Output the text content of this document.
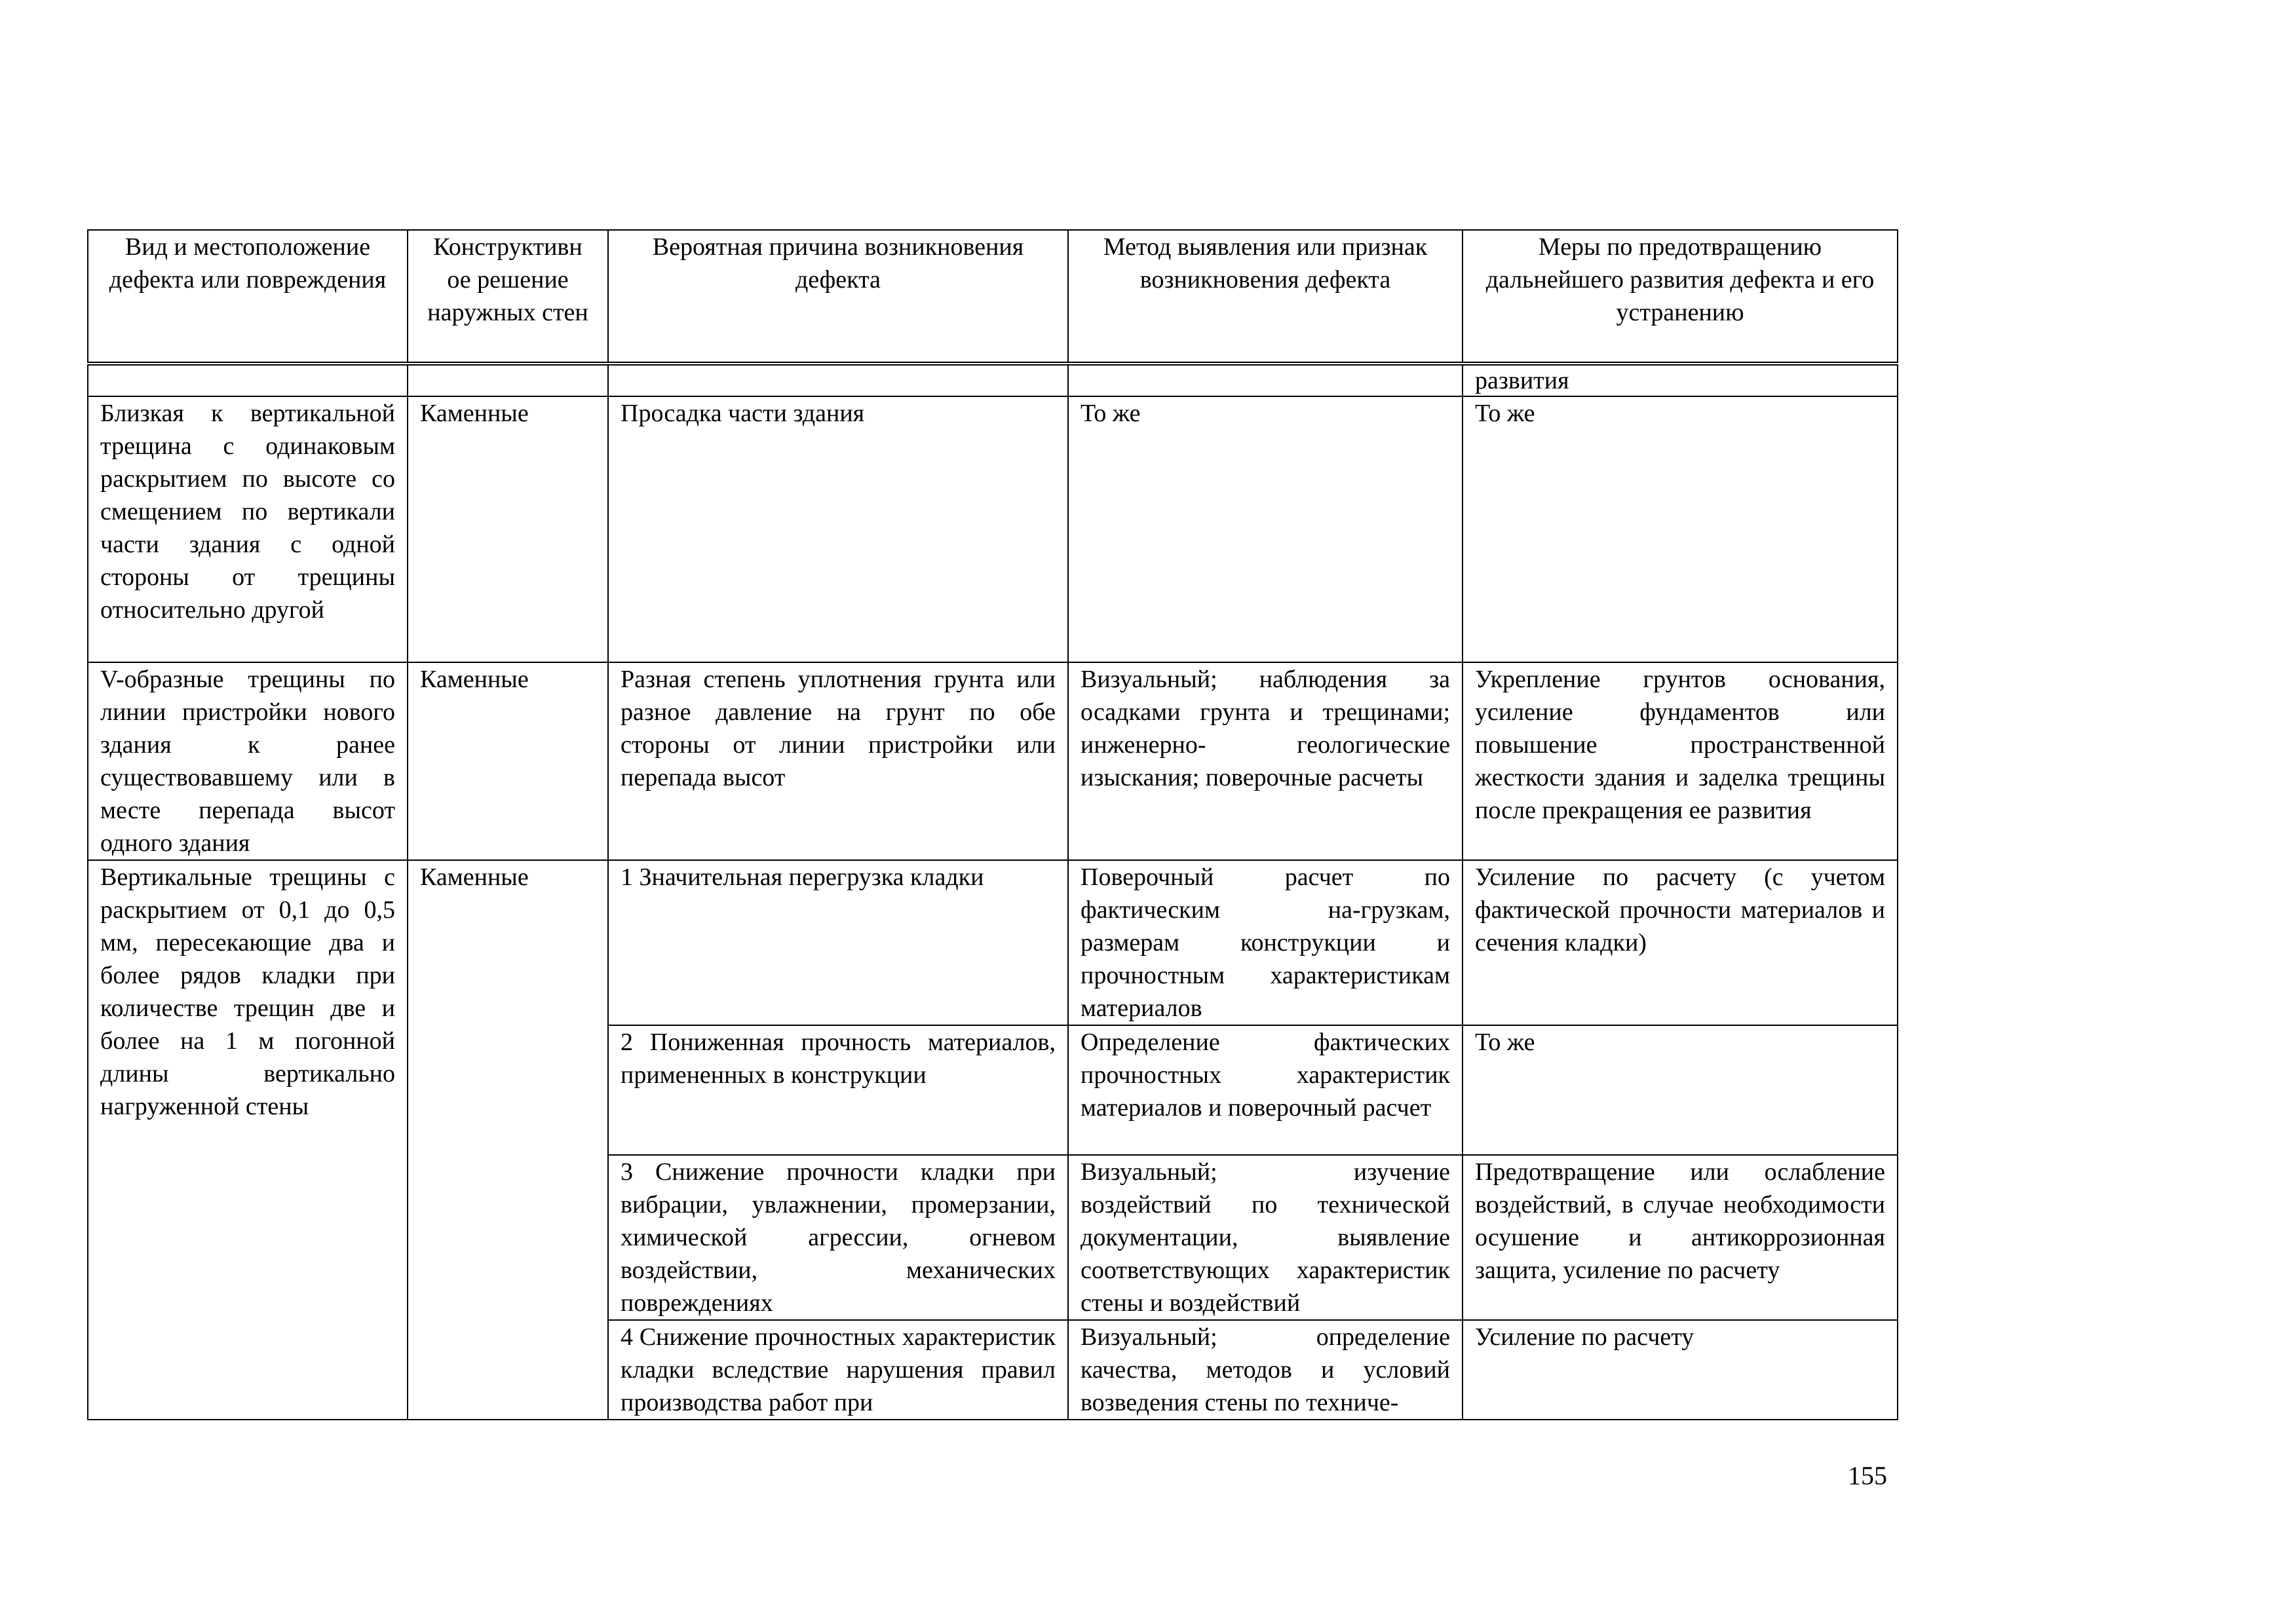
Вид и местоположение дефекта или повреждения	Конструктивн ое решение наружных стен	Вероятная причина возникновения дефекта	Метод выявления или признак возникновения дефекта	Меры по предотвращению дальнейшего развития дефекта и его устранению
				развития
Близкая к вертикальной трещина с одинаковым раскрытием по высоте со смещением по вертикали части здания с одной стороны от трещины относительно другой	Каменные	Просадка части здания	То же	То же
V-образные трещины по линии пристройки нового здания к ранее существовавшему или в месте перепада высот одного здания	Каменные	Разная степень уплотнения грунта или разное давление на грунт по обе стороны от линии пристройки или перепада высот	Визуальный; наблюдения за осадками грунта и трещинами; инженерно- геологические изыскания; поверочные расчеты	Укрепление грунтов основания, усиление фундаментов или повышение пространственной жесткости здания и заделка трещины после прекращения ее развития
Вертикальные трещины с раскрытием от 0,1 до 0,5 мм, пересекающие два и более рядов кладки при количестве трещин две и более на 1 м погонной длины вертикально нагруженной стены	Каменные	1 Значительная перегрузка кладки	Поверочный расчет по фактическим на-грузкам, размерам конструкции и прочностным характеристикам материалов	Усиление по расчету (с учетом фактической прочности материалов и сечения кладки)
		2 Пониженная прочность материалов, примененных в конструкции	Определение фактических прочностных характеристик материалов и поверочный расчет	То же
		3 Снижение прочности кладки при вибрации, увлажнении, промерзании, химической агрессии, огневом воздействии, механических повреждениях	Визуальный; изучение воздействий по технической документации, выявление соответствующих характеристик стены и воздействий	Предотвращение или ослабление воздействий, в случае необходимости осушение и антикоррозионная защита, усиление по расчету
		4 Снижение прочностных характеристик кладки вследствие нарушения правил производства работ при	Визуальный; определение качества, методов и условий возведения стены по техниче-	Усиление по расчету
155
